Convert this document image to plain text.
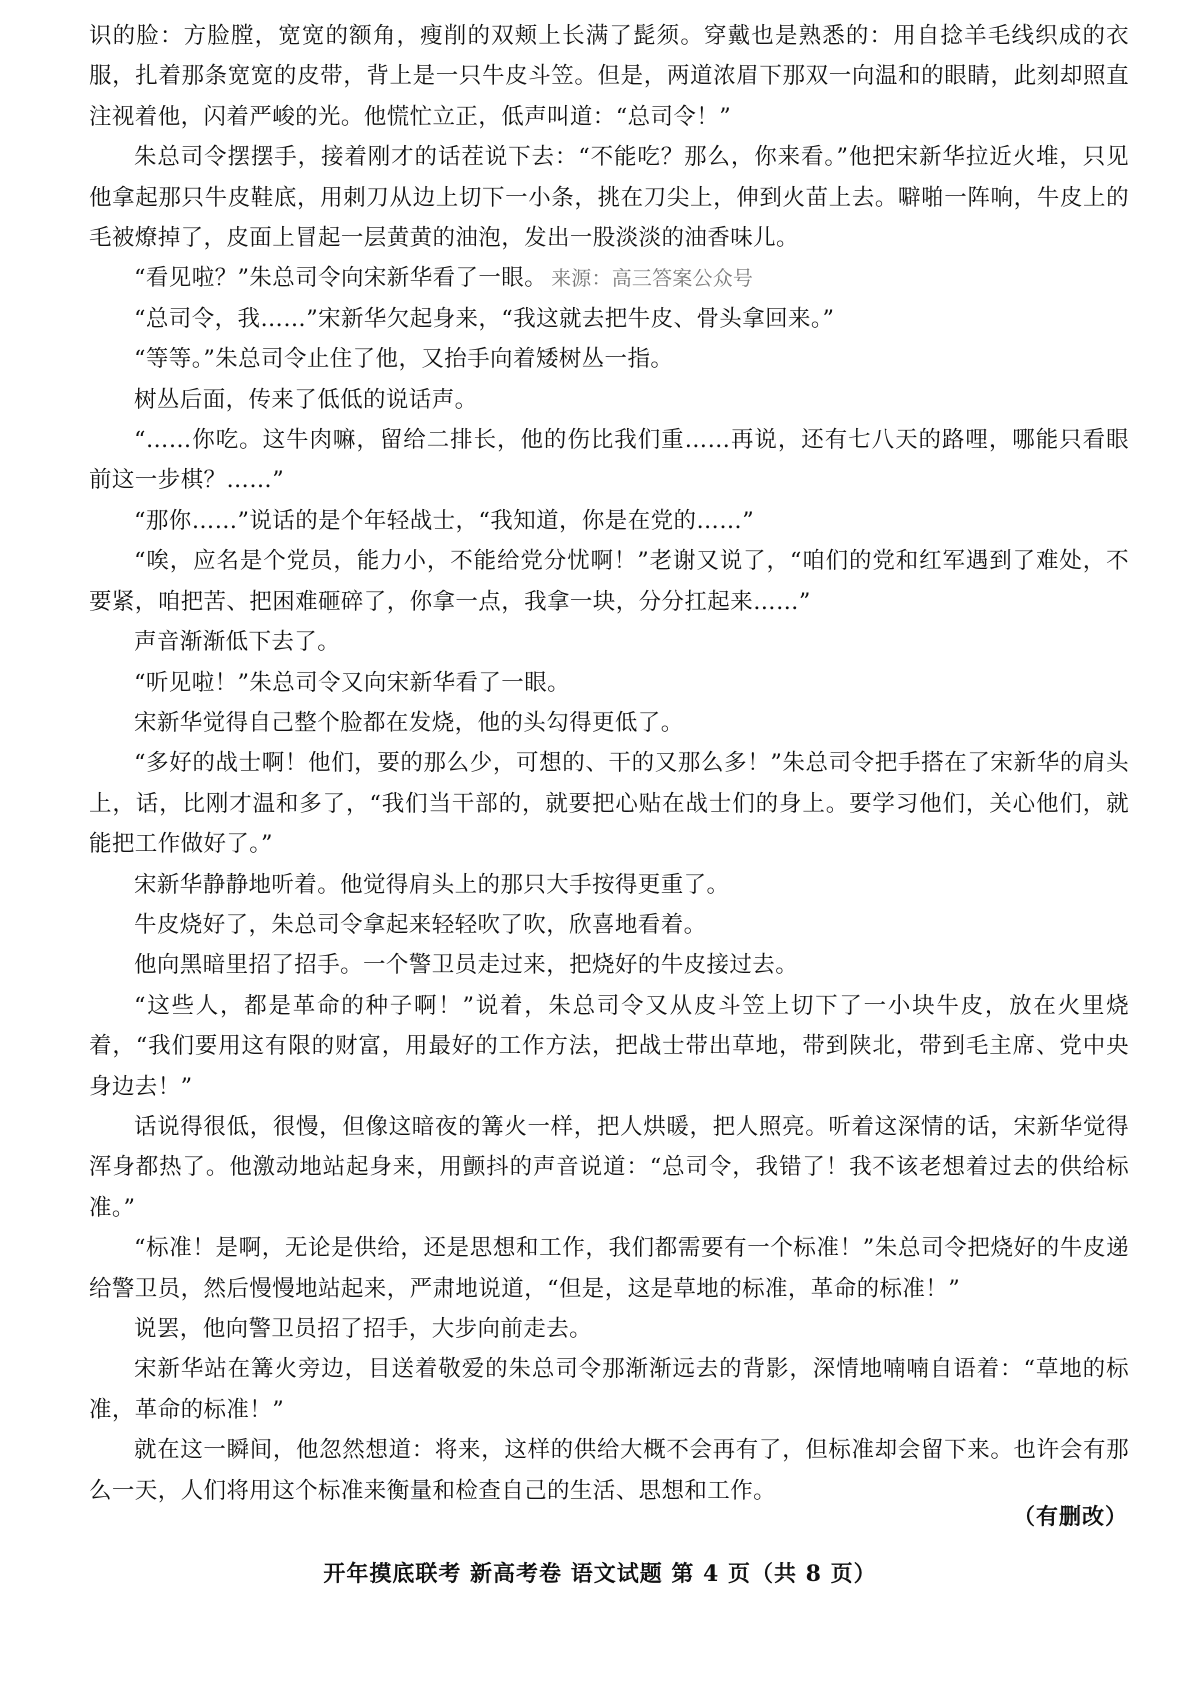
识的脸：方脸膛，宽宽的额角，瘦削的双颊上长满了髭须。穿戴也是熟悉的：用自捻羊毛线织成的衣服，扎着那条宽宽的皮带，背上是一只牛皮斗笠。但是，两道浓眉下那双一向温和的眼睛，此刻却照直注视着他，闪着严峻的光。他慌忙立正，低声叫道：“总司令！”

朱总司令摆摆手，接着刚才的话茬说下去：“不能吃？那么，你来看。”他把宋新华拉近火堆，只见他拿起那只牛皮鞋底，用刺刀从边上切下一小条，挑在刀尖上，伸到火苗上去。噼啪一阵响，牛皮上的毛被燎掉了，皮面上冒起一层黄黄的油泡，发出一股淡淡的油香味儿。

“看见啦？”朱总司令向宋新华看了一眼。 来源：高三答案公众号

“总司令，我……”宋新华欠起身来，“我这就去把牛皮、骨头拿回来。”

“等等。”朱总司令止住了他，又抬手向着矮树丛一指。

树丛后面，传来了低低的说话声。

“……你吃。这牛肉嘛，留给二排长，他的伤比我们重……再说，还有七八天的路哩，哪能只看眼前这一步棋？……”

“那你……”说话的是个年轻战士，“我知道，你是在党的……”

“唉，应名是个党员，能力小，不能给党分忧啊！”老谢又说了，“咱们的党和红军遇到了难处，不要紧，咱把苦、把困难砸碎了，你拿一点，我拿一块，分分扛起来……”

声音渐渐低下去了。

“听见啦！”朱总司令又向宋新华看了一眼。

宋新华觉得自己整个脸都在发烧，他的头勾得更低了。

“多好的战士啊！他们，要的那么少，可想的、干的又那么多！”朱总司令把手搭在了宋新华的肩头上，话，比刚才温和多了，“我们当干部的，就要把心贴在战士们的身上。要学习他们，关心他们，就能把工作做好了。”

宋新华静静地听着。他觉得肩头上的那只大手按得更重了。

牛皮烧好了，朱总司令拿起来轻轻吹了吹，欣喜地看着。

他向黑暗里招了招手。一个警卫员走过来，把烧好的牛皮接过去。

“这些人，都是革命的种子啊！”说着，朱总司令又从皮斗笠上切下了一小块牛皮，放在火里烧着，“我们要用这有限的财富，用最好的工作方法，把战士带出草地，带到陕北，带到毛主席、党中央身边去！”

话说得很低，很慢，但像这暗夜的篝火一样，把人烘暖，把人照亮。听着这深情的话，宋新华觉得浑身都热了。他激动地站起身来，用颤抖的声音说道：“总司令，我错了！我不该老想着过去的供给标准。”

“标准！是啊，无论是供给，还是思想和工作，我们都需要有一个标准！”朱总司令把烧好的牛皮递给警卫员，然后慢慢地站起来，严肃地说道，“但是，这是草地的标准，革命的标准！”

说罢，他向警卫员招了招手，大步向前走去。

宋新华站在篝火旁边，目送着敬爱的朱总司令那渐渐远去的背影，深情地喃喃自语着：“草地的标准，革命的标准！”

就在这一瞬间，他忽然想道：将来，这样的供给大概不会再有了，但标准却会留下来。也许会有那么一天，人们将用这个标准来衡量和检查自己的生活、思想和工作。

（有删改）
开年摸底联考 新高考卷 语文试题 第 4 页（共 8 页）
